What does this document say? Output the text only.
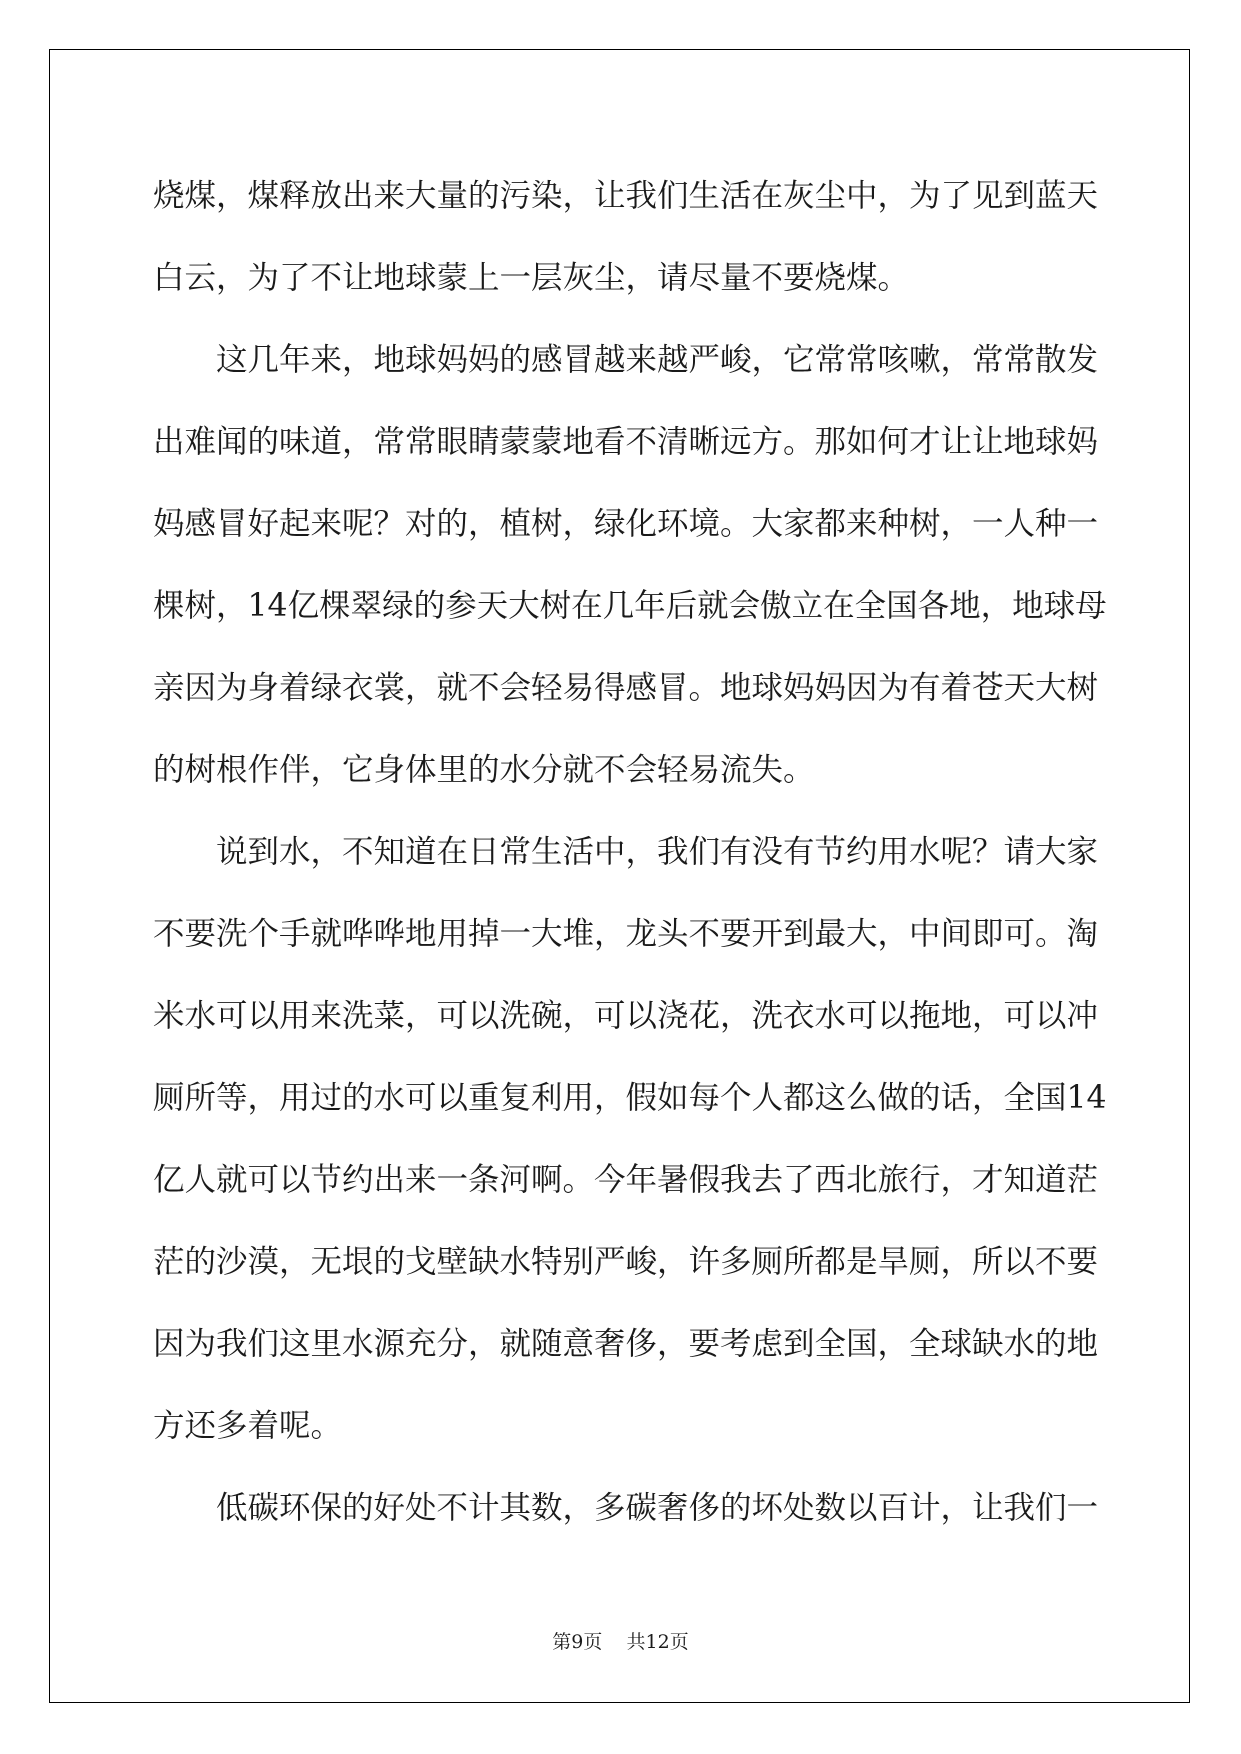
烧煤，煤释放出来大量的污染，让我们生活在灰尘中，为了见到蓝天
白云，为了不让地球蒙上一层灰尘，请尽量不要烧煤。
这几年来，地球妈妈的感冒越来越严峻，它常常咳嗽，常常散发
出难闻的味道，常常眼睛蒙蒙地看不清晰远方。那如何才让让地球妈
妈感冒好起来呢？对的，植树，绿化环境。大家都来种树，一人种一
棵树，14亿棵翠绿的参天大树在几年后就会傲立在全国各地，地球母
亲因为身着绿衣裳，就不会轻易得感冒。地球妈妈因为有着苍天大树
的树根作伴，它身体里的水分就不会轻易流失。
说到水，不知道在日常生活中，我们有没有节约用水呢？请大家
不要洗个手就哗哗地用掉一大堆，龙头不要开到最大，中间即可。淘
米水可以用来洗菜，可以洗碗，可以浇花，洗衣水可以拖地，可以冲
厕所等，用过的水可以重复利用，假如每个人都这么做的话，全国14
亿人就可以节约出来一条河啊。今年暑假我去了西北旅行，才知道茫
茫的沙漠，无垠的戈壁缺水特别严峻，许多厕所都是旱厕，所以不要
因为我们这里水源充分，就随意奢侈，要考虑到全国，全球缺水的地
方还多着呢。
低碳环保的好处不计其数，多碳奢侈的坏处数以百计，让我们一
第9页 共12页
